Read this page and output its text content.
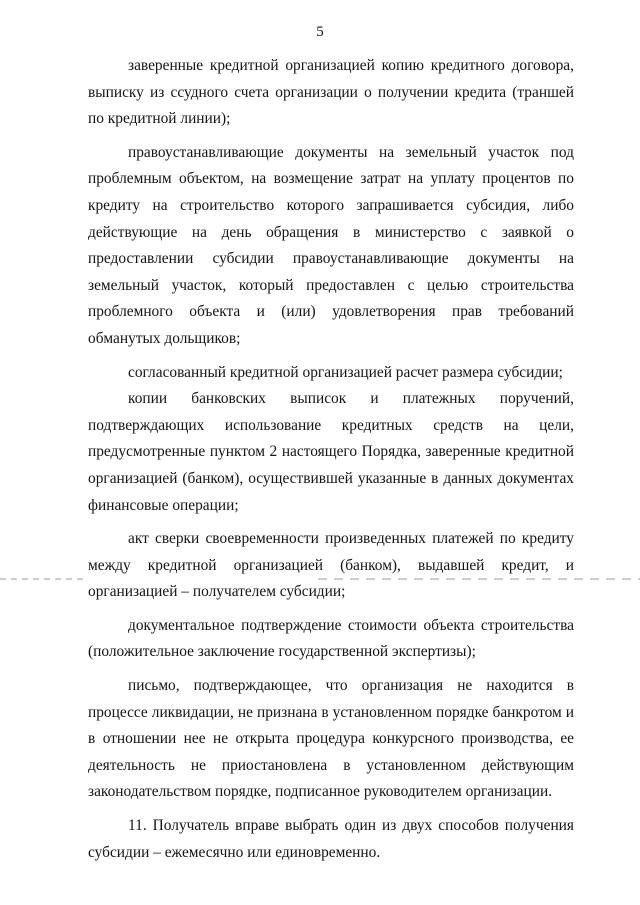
5

заверенные кредитной организацией копию кредитного договора, выписку из ссудного счета организации о получении кредита (траншей по кредитной линии);

правоустанавливающие документы на земельный участок под проблемным объектом, на возмещение затрат на уплату процентов по кредиту на строительство которого запрашивается субсидия, либо действующие на день обращения в министерство с заявкой о предоставлении субсидии правоустанавливающие документы на земельный участок, который предоставлен с целью строительства проблемного объекта и (или) удовлетворения прав требований обманутых дольщиков;

согласованный кредитной организацией расчет размера субсидии;

копии банковских выписок и платежных поручений, подтверждающих использование кредитных средств на цели, предусмотренные пунктом 2 настоящего Порядка, заверенные кредитной организацией (банком), осуществившей указанные в данных документах финансовые операции;

акт сверки своевременности произведенных платежей по кредиту между кредитной организацией (банком), выдавшей кредит, и организацией – получателем субсидии;

документальное подтверждение стоимости объекта строительства (положительное заключение государственной экспертизы);

письмо, подтверждающее, что организация не находится в процессе ликвидации, не признана в установленном порядке банкротом и в отношении нее не открыта процедура конкурсного производства, ее деятельность не приостановлена в установленном действующим законодательством порядке, подписанное руководителем организации.

11. Получатель вправе выбрать один из двух способов получения субсидии – ежемесячно или единовременно.
